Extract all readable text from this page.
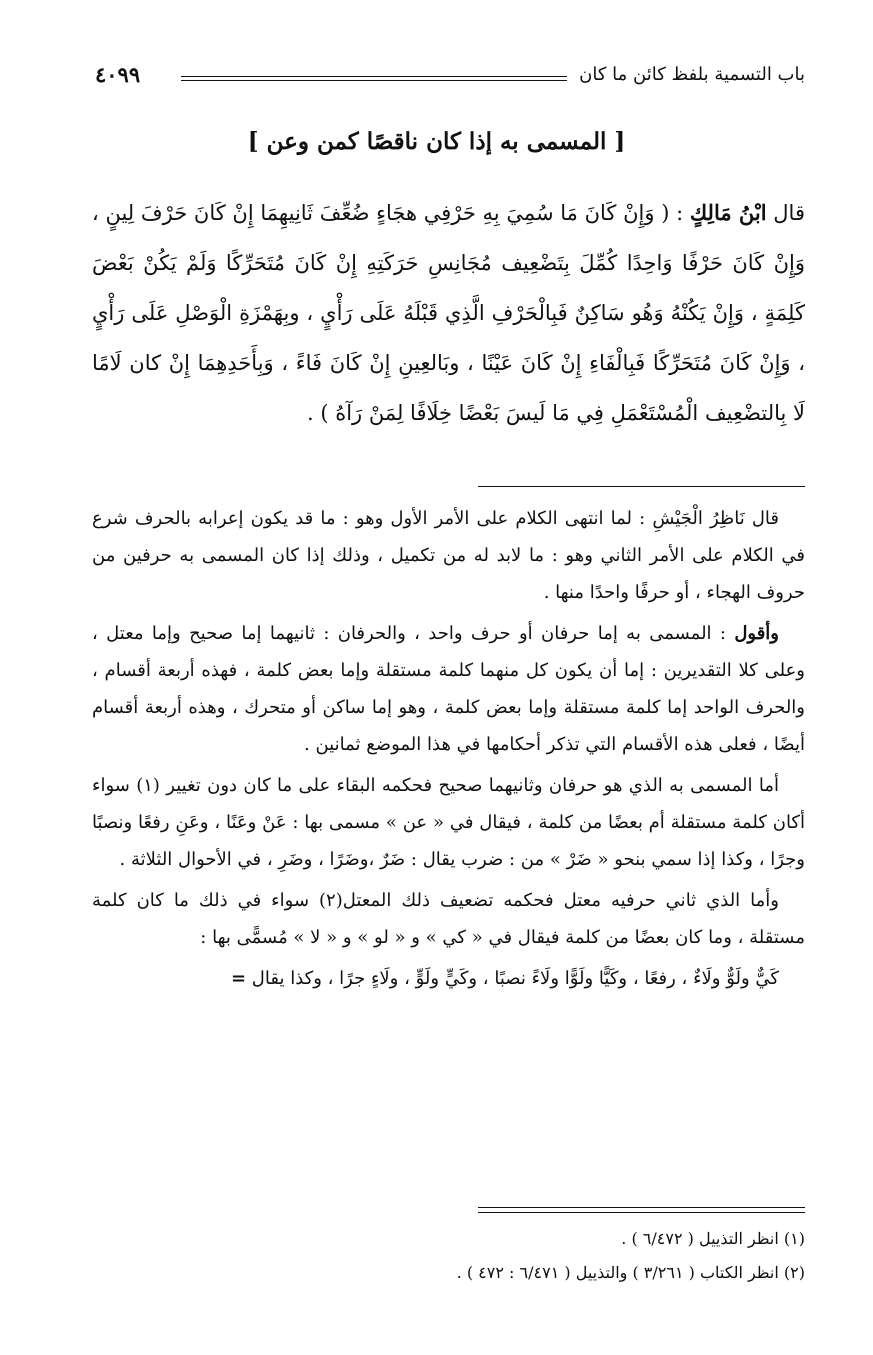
باب التسمية بلفظ كائن ما كان
٤٠٩٩
[ المسمى به إذا كان ناقصًا كمن وعن ]
قال ابْنُ مَالِكٍ : ( وَإِنْ كَانَ مَا سُمِيَ بِهِ حَرْفِي هجَاءٍ ضُعِّفَ ثَانِيهِمَا إِنْ كَانَ حَرْفَ لِينٍ ، وَإِنْ كَانَ حَرْفًا وَاحِدًا كُمِّلَ بِتَضْعِيف مُجَانِسِ حَرَكَتِهِ إِنْ كَانَ مُتَحَرِّكًا وَلَمْ يَكُنْ بَعْضَ كَلِمَةٍ ، وَإِنْ يَكُنْهُ وَهُو سَاكِنٌ فَبِالْحَرْفِ الَّذِي قَبْلَهُ عَلَى رَأْيٍ ، وبِهَمْزَةِ الْوَصْلِ عَلَى رَأْيٍ ، وَإِنْ كَانَ مُتَحَرِّكًا فَبِالْفَاءِ إِنْ كَانَ عَيْنًا ، وبَالعِينِ إِنْ كَانَ فَاءً ، وَبِأَحَدِهِمَا إِنْ كان لَامًا لَا بِالتضْعِيف الْمُسْتَعْمَلِ فِي مَا لَيسَ بَعْضًا خِلَافًا لِمَنْ رَآهُ ) .

قال نَاظِرُ الْجَيْشِ : لما انتهى الكلام على الأمر الأول وهو : ما قد يكون إعرابه بالحرف شرع في الكلام على الأمر الثاني وهو : ما لابد له من تكميل ، وذلك إذا كان المسمى به حرفين من حروف الهجاء ، أو حرفًا واحدًا منها .

وأقول : المسمى به إما حرفان أو حرف واحد ، والحرفان : ثانيهما إما صحيح وإما معتل ، وعلى كلا التقديرين : إما أن يكون كل منهما كلمة مستقلة وإما بعض كلمة ، فهذه أربعة أقسام ، والحرف الواحد إما كلمة مستقلة وإما بعض كلمة ، وهو إما ساكن أو متحرك ، وهذه أربعة أقسام أيضًا ، فعلى هذه الأقسام التي تذكر أحكامها في هذا الموضع ثمانين .

أما المسمى به الذي هو حرفان وثانيهما صحيح فحكمه البقاء على ما كان دون تغيير (١) سواء أكان كلمة مستقلة أم بعضًا من كلمة ، فيقال في « عن » مسمى بها : عَنْ وعَنًا ، وعَنِ رفعًا ونصبًا وجرًا ، وكذا إذا سمي بنحو « ضَرْ » من : ضرب يقال : ضَرٌ ،وضَرًا ، وضَرِ ، في الأحوال الثلاثة .

وأما الذي ثاني حرفيه معتل فحكمه تضعيف ذلك المعتل(٢) سواء في ذلك ما كان كلمة مستقلة ، وما كان بعضًا من كلمة فيقال في « كي » و « لو » و « لا » مُسمًّى بها :

كَيٌّ ولَوٌّ ولَاءٌ ، رفعًا ، وكَيًّا ولَوًّا ولَاءً نصبًا ، وكَيٍّ ولَوٍّ ، ولَاءٍ جرًا ، وكذا يقال =

(١) انظر التذييل ( ٦/٤٧٢ ) .
(٢) انظر الكتاب ( ٣/٢٦١ ) والتذييل ( ٦/٤٧١ : ٤٧٢ ) .
